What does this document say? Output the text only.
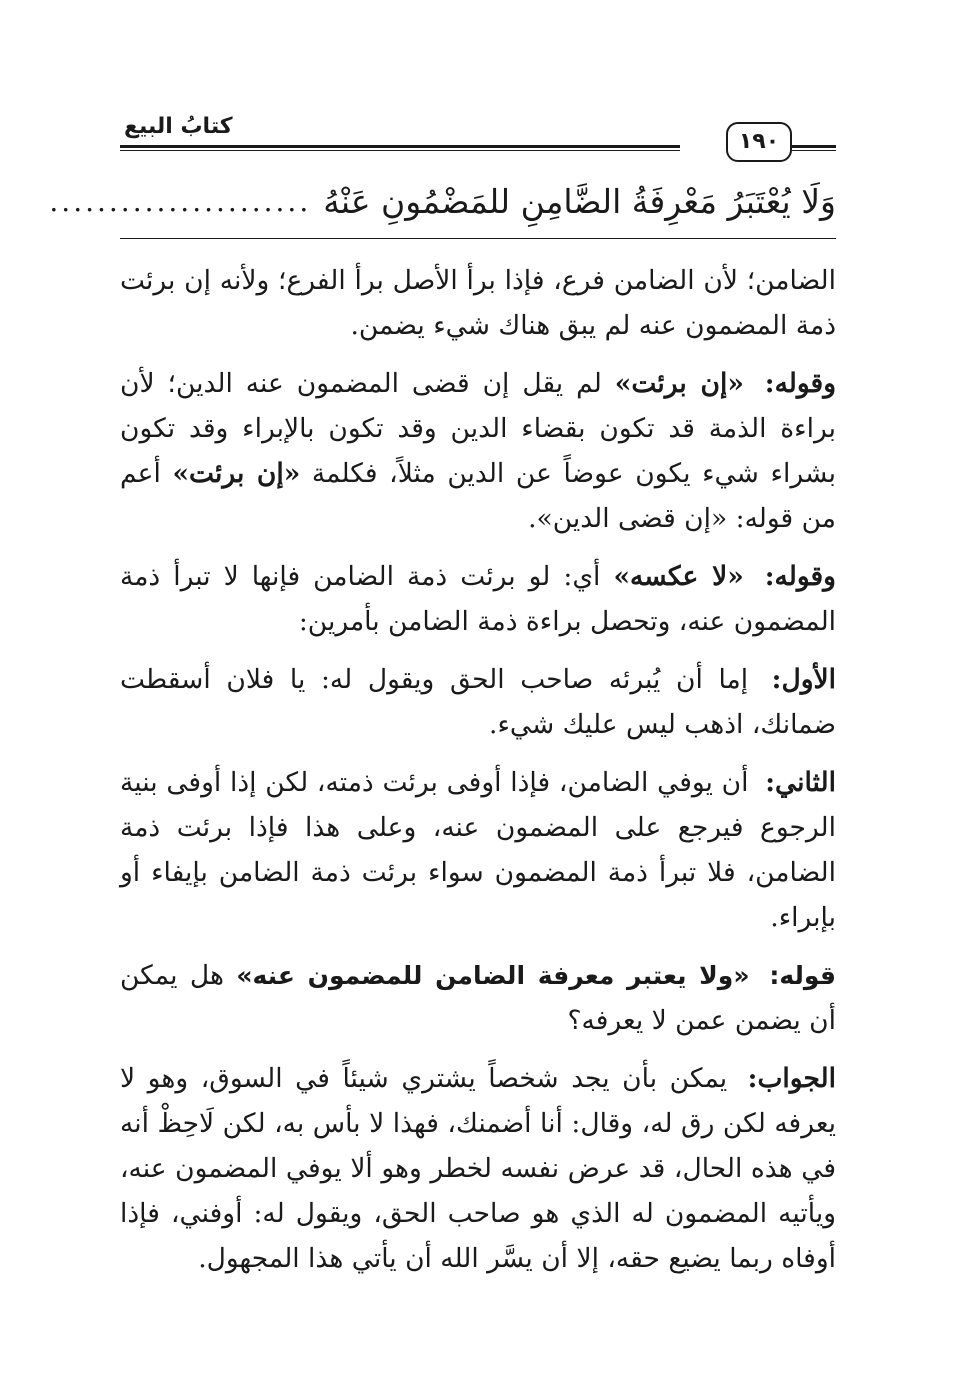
١٩٠
كتابُ البيع
وَلَا يُعْتَبَرُ مَعْرِفَةُ الضَّامِنِ للمَضْمُونِ عَنْهُ
......................

الضامن؛ لأن الضامن فرع، فإذا برأ الأصل برأ الفرع؛ ولأنه إن برئت ذمة المضمون عنه لم يبق هناك شيء يضمن.

وقوله: «إن برئت» لم يقل إن قضى المضمون عنه الدين؛ لأن براءة الذمة قد تكون بقضاء الدين وقد تكون بالإبراء وقد تكون بشراء شيء يكون عوضاً عن الدين مثلاً، فكلمة «إن برئت» أعم من قوله: «إن قضى الدين».

وقوله: «لا عكسه» أي: لو برئت ذمة الضامن فإنها لا تبرأ ذمة المضمون عنه، وتحصل براءة ذمة الضامن بأمرين:

الأول: إما أن يُبرئه صاحب الحق ويقول له: يا فلان أسقطت ضمانك، اذهب ليس عليك شيء.

الثاني: أن يوفي الضامن، فإذا أوفى برئت ذمته، لكن إذا أوفى بنية الرجوع فيرجع على المضمون عنه، وعلى هذا فإذا برئت ذمة الضامن، فلا تبرأ ذمة المضمون سواء برئت ذمة الضامن بإيفاء أو بإبراء.

قوله: «ولا يعتبر معرفة الضامن للمضمون عنه» هل يمكن أن يضمن عمن لا يعرفه؟

الجواب: يمكن بأن يجد شخصاً يشتري شيئاً في السوق، وهو لا يعرفه لكن رق له، وقال: أنا أضمنك، فهذا لا بأس به، لكن لَاحِظْ أنه في هذه الحال، قد عرض نفسه لخطر وهو ألا يوفي المضمون عنه، ويأتيه المضمون له الذي هو صاحب الحق، ويقول له: أوفني، فإذا أوفاه ربما يضيع حقه، إلا أن يسَّر الله أن يأتي هذا المجهول.
